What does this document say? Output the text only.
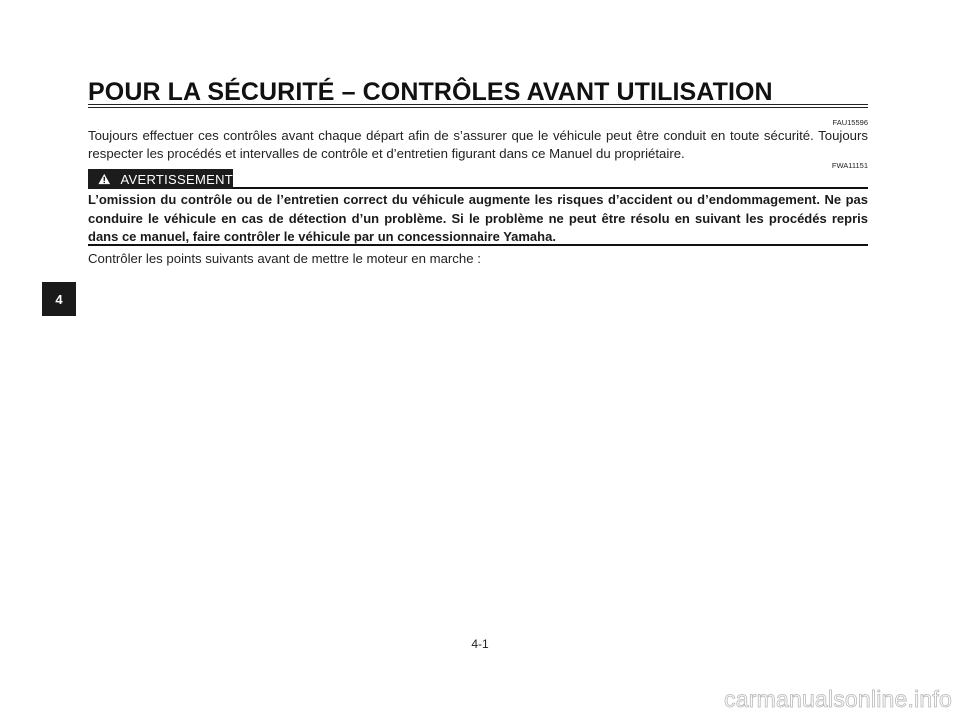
POUR LA SÉCURITÉ – CONTRÔLES AVANT UTILISATION
FAU15596
Toujours effectuer ces contrôles avant chaque départ afin de s’assurer que le véhicule peut être conduit en toute sécurité. Toujours respecter les procédés et intervalles de contrôle et d’entretien figurant dans ce Manuel du propriétaire.
FWA11151
AVERTISSEMENT
L’omission du contrôle ou de l’entretien correct du véhicule augmente les risques d’accident ou d’endommagement. Ne pas conduire le véhicule en cas de détection d’un problème. Si le problème ne peut être résolu en suivant les procédés repris dans ce manuel, faire contrôler le véhicule par un concessionnaire Yamaha.
Contrôler les points suivants avant de mettre le moteur en marche :
4
4-1
carmanualsonline.info
